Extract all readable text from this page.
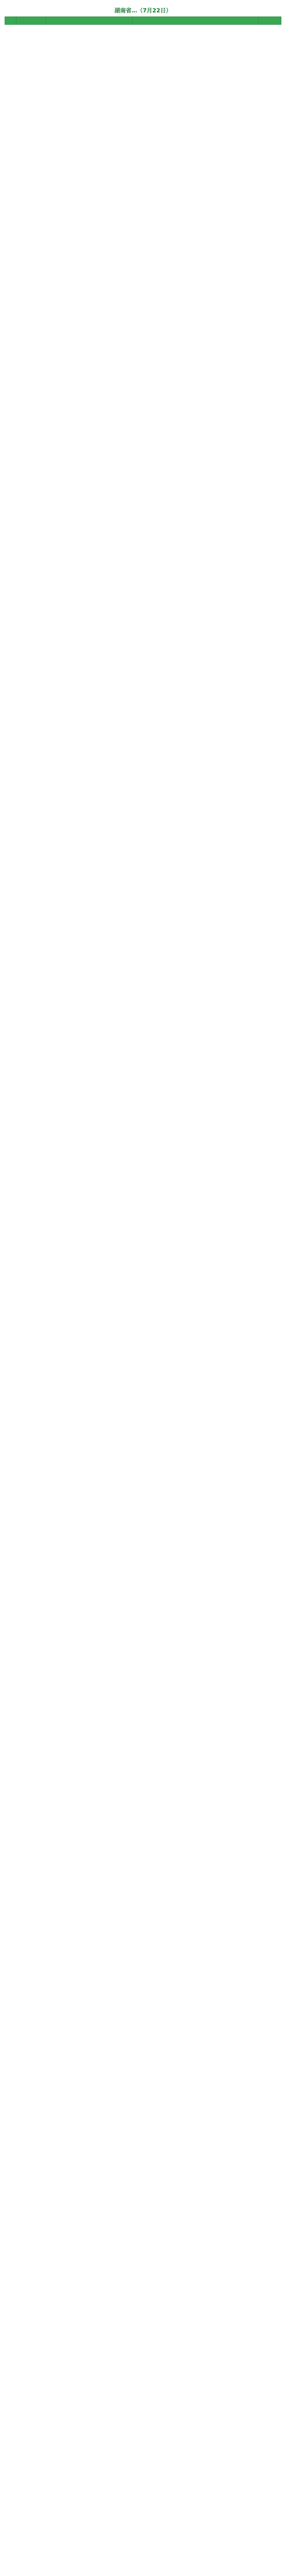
湖南省…（7月22日）
